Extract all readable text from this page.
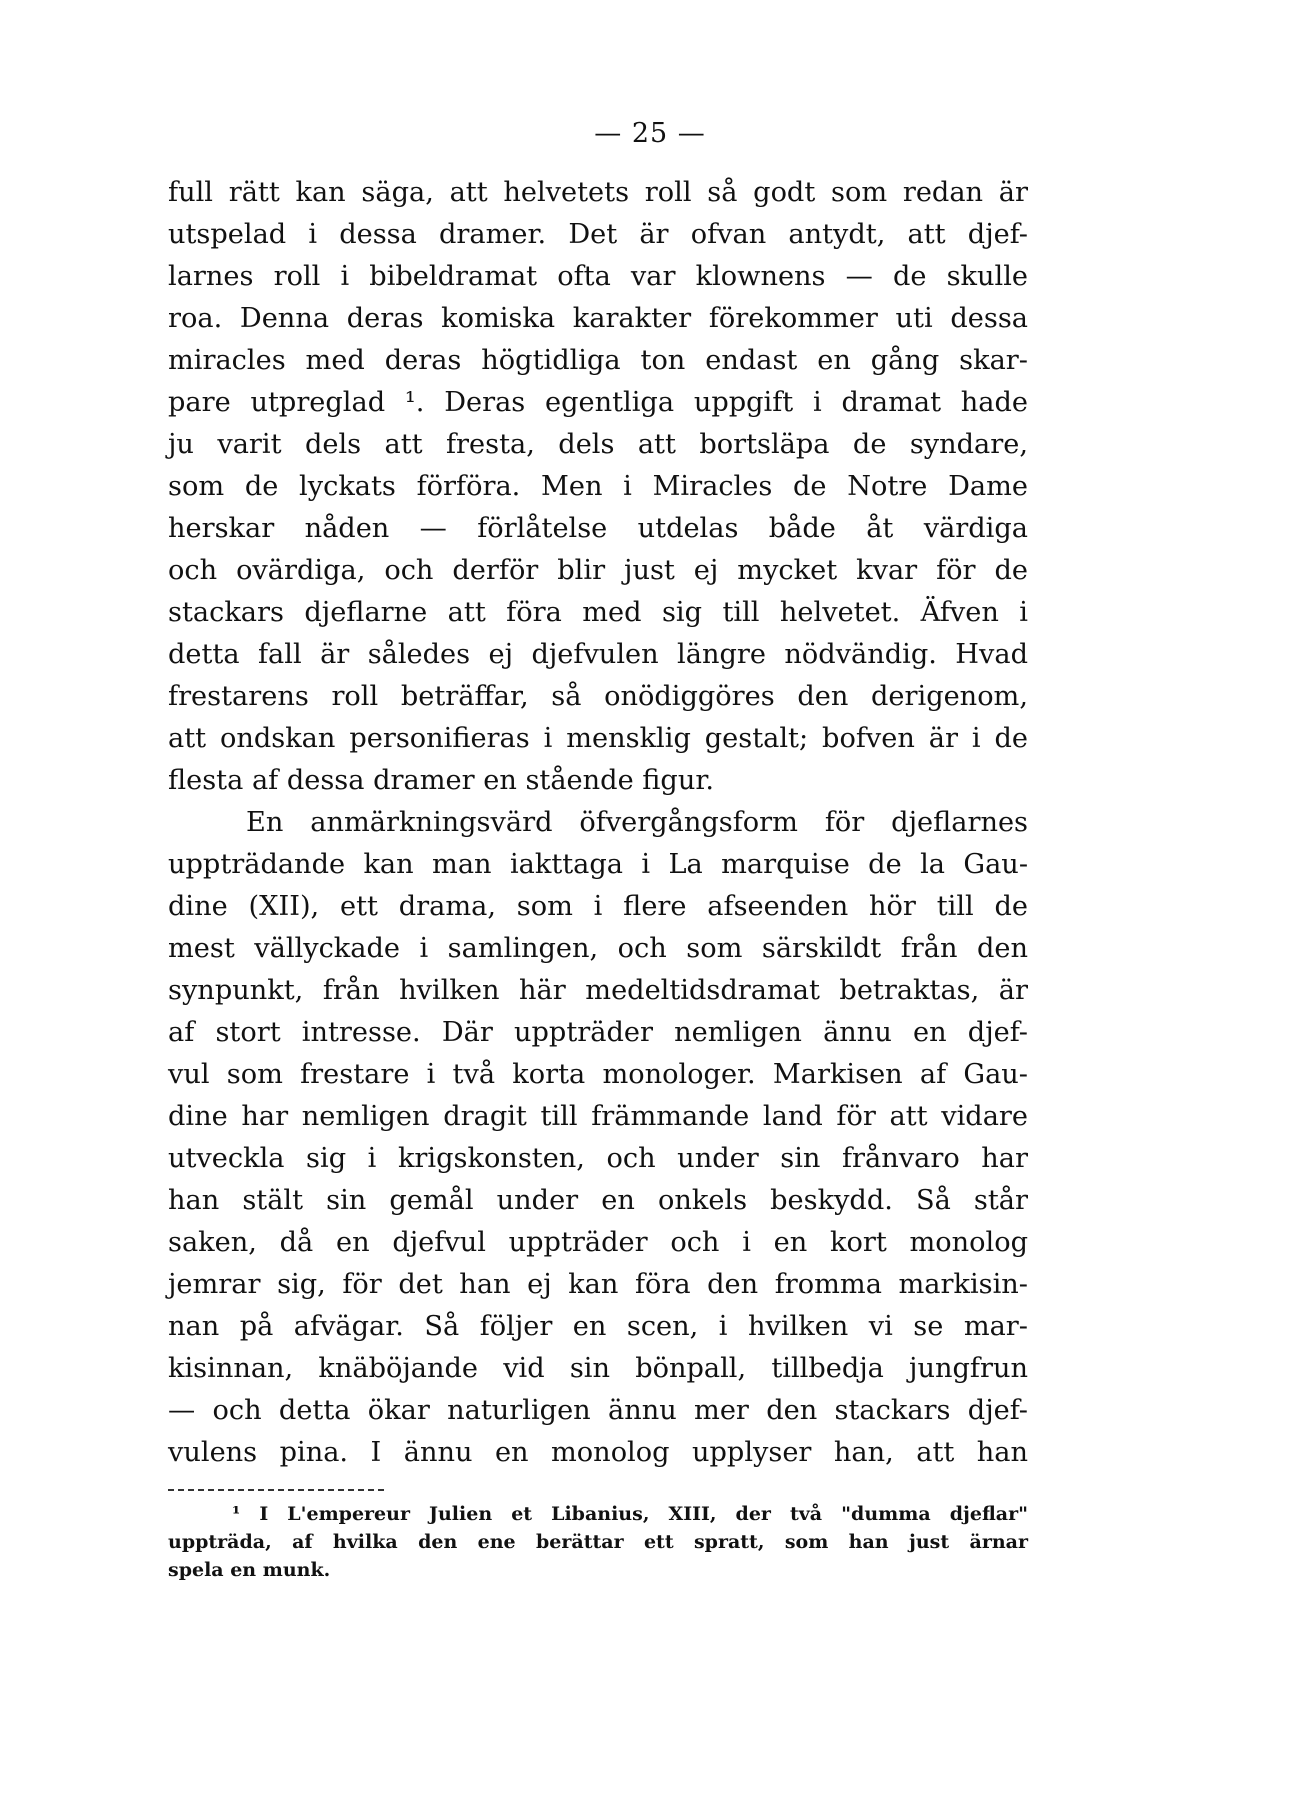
— 25 —
full rätt kan säga, att helvetets roll så godt som redan är
utspelad i dessa dramer. Det är ofvan antydt, att djef-
larnes roll i bibeldramat ofta var klownens — de skulle
roa. Denna deras komiska karakter förekommer uti dessa
miracles med deras högtidliga ton endast en gång skar-
pare utpreglad ¹. Deras egentliga uppgift i dramat hade
ju varit dels att fresta, dels att bortsläpa de syndare,
som de lyckats förföra. Men i Miracles de Notre Dame
herskar nåden — förlåtelse utdelas både åt värdiga
och ovärdiga, och derför blir just ej mycket kvar för de
stackars djeflarne att föra med sig till helvetet. Äfven i
detta fall är således ej djefvulen längre nödvändig. Hvad
frestarens roll beträffar, så onödiggöres den derigenom,
att ondskan personifieras i mensklig gestalt; bofven är i de
flesta af dessa dramer en stående figur.
En anmärkningsvärd öfvergångsform för djeflarnes
uppträdande kan man iakttaga i La marquise de la Gau-
dine (XII), ett drama, som i flere afseenden hör till de
mest vällyckade i samlingen, och som särskildt från den
synpunkt, från hvilken här medeltidsdramat betraktas, är
af stort intresse. Där uppträder nemligen ännu en djef-
vul som frestare i två korta monologer. Markisen af Gau-
dine har nemligen dragit till främmande land för att vidare
utveckla sig i krigskonsten, och under sin frånvaro har
han stält sin gemål under en onkels beskydd. Så står
saken, då en djefvul uppträder och i en kort monolog
jemrar sig, för det han ej kan föra den fromma markisin-
nan på afvägar. Så följer en scen, i hvilken vi se mar-
kisinnan, knäböjande vid sin bönpall, tillbedja jungfrun
— och detta ökar naturligen ännu mer den stackars djef-
vulens pina. I ännu en monolog upplyser han, att han
¹ I L'empereur Julien et Libanius, XIII, der två "dumma djeflar"
uppträda, af hvilka den ene berättar ett spratt, som han just ärnar
spela en munk.
